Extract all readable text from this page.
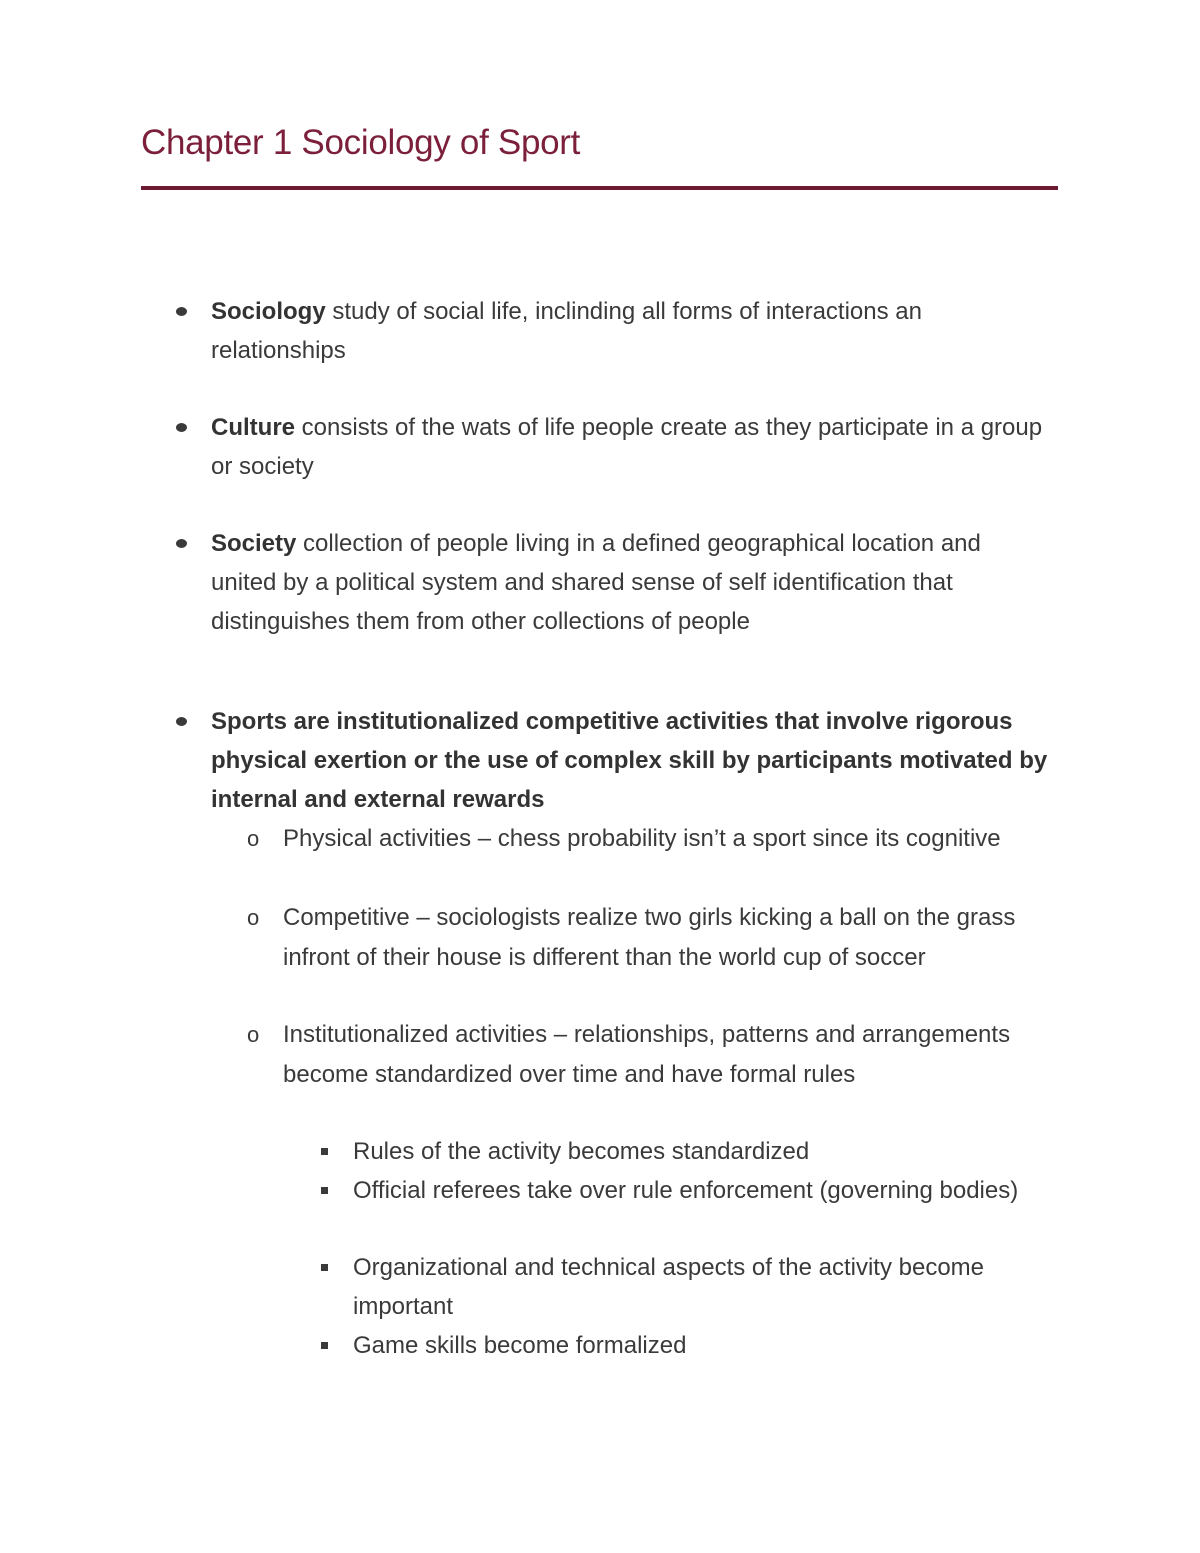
Chapter 1 Sociology of Sport
Sociology study of social life, inclinding all forms of interactions an relationships
Culture consists of the wats of life people create as they participate in a group or society
Society collection of people living in a defined geographical location and united by a political system and shared sense of self identification that distinguishes them from other collections of people
Sports are institutionalized competitive activities that involve rigorous physical exertion or the use of complex skill by participants motivated by internal and external rewards
o Physical activities – chess probability isn’t a sport since its cognitive
o Competitive – sociologists realize two girls kicking a ball on the grass infront of their house is different than the world cup of soccer
o Institutionalized activities – relationships, patterns and arrangements become standardized over time and have formal rules
Rules of the activity becomes standardized
Official referees take over rule enforcement (governing bodies)
Organizational and technical aspects of the activity become important
Game skills become formalized
